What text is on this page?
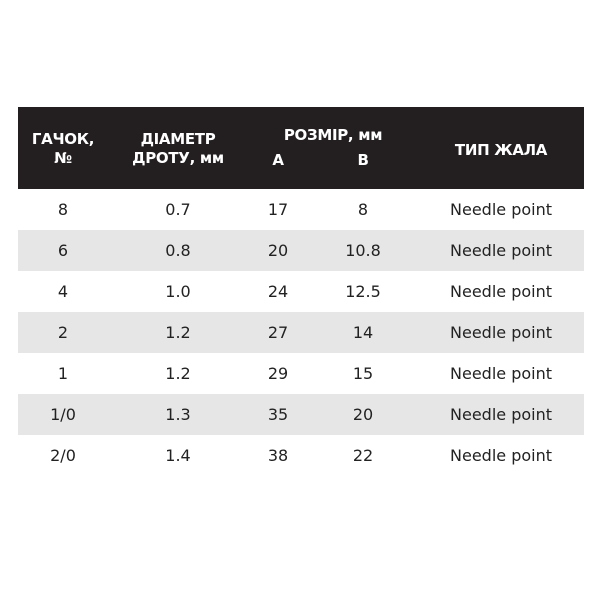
ГАЧОК, №	ДІАМЕТР ДРОТУ, мм	РОЗМІР, мм		ТИП ЖАЛА
		A	B	
8	0.7	17	8	Needle point
6	0.8	20	10.8	Needle point
4	1.0	24	12.5	Needle point
2	1.2	27	14	Needle point
1	1.2	29	15	Needle point
1/0	1.3	35	20	Needle point
2/0	1.4	38	22	Needle point
